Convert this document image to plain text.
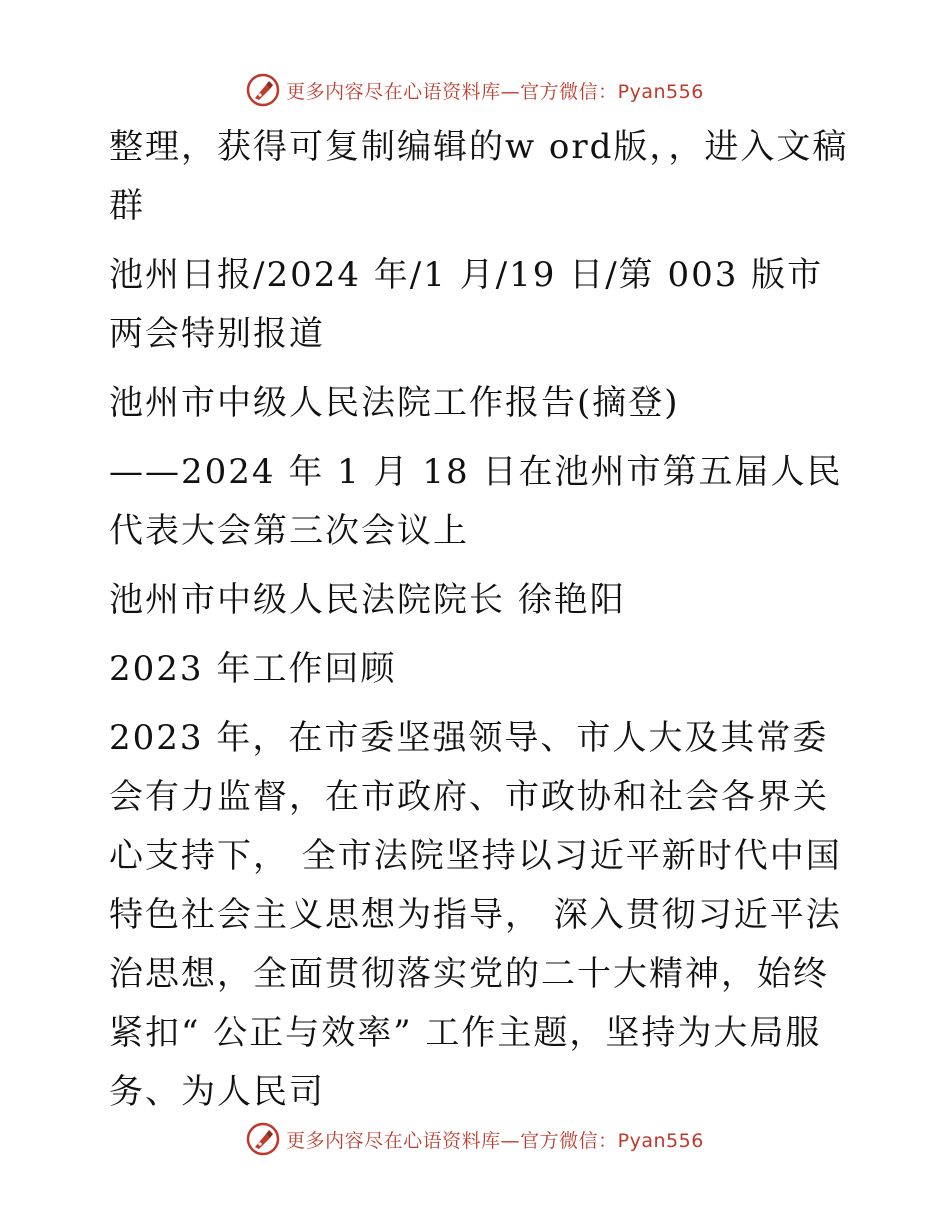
更多内容尽在心语资料库—官方微信：Pyan556

整理，获得可复制编辑的w ord版，，进入文稿群

池州日报/2024 年/1 月/19 日/第 003 版市两会特别报道

池州市中级人民法院工作报告(摘登)

——2024 年 1 月 18 日在池州市第五届人民代表大会第三次会议上

池州市中级人民法院院长 徐艳阳

2023 年工作回顾

2023 年，在市委坚强领导、市人大及其常委会有力监督，在市政府、市政协和社会各界关心支持下， 全市法院坚持以习近平新时代中国特色社会主义思想为指导， 深入贯彻习近平法治思想，全面贯彻落实党的二十大精神，始终紧扣“ 公正与效率” 工作主题，坚持为大局服务、为人民司

更多内容尽在心语资料库—官方微信：Pyan556
